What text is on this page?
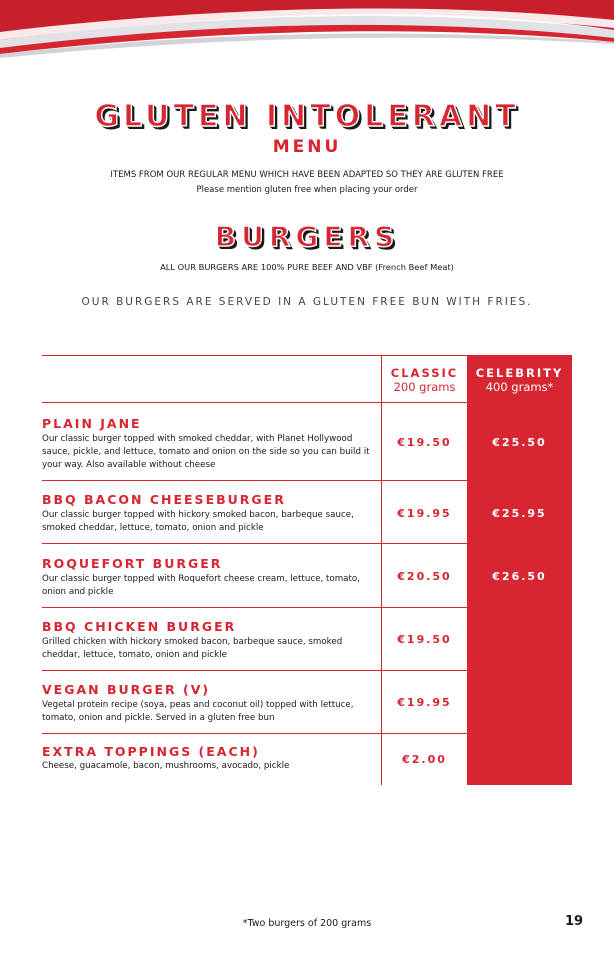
GLUTEN INTOLERANT
MENU
ITEMS FROM OUR REGULAR MENU WHICH HAVE BEEN ADAPTED SO THEY ARE GLUTEN FREE
Please mention gluten free when placing your order
BURGERS
ALL OUR BURGERS ARE 100% PURE BEEF AND VBF (French Beef Meat)
OUR BURGERS ARE SERVED IN A GLUTEN FREE BUN WITH FRIES.
CLASSIC
200 grams
CELEBRITY
400 grams*
PLAIN JANE
Our classic burger topped with smoked cheddar, with Planet Hollywood sauce, pickle, and lettuce, tomato and onion on the side so you can build it your way. Also available without cheese
€19.50	€25.50
BBQ BACON CHEESEBURGER
Our classic burger topped with hickory smoked bacon, barbeque sauce, smoked cheddar, lettuce, tomato, onion and pickle
€19.95	€25.95
ROQUEFORT BURGER
Our classic burger topped with Roquefort cheese cream, lettuce, tomato, onion and pickle
€20.50	€26.50
BBQ CHICKEN BURGER
Grilled chicken with hickory smoked bacon, barbeque sauce, smoked cheddar, lettuce, tomato, onion and pickle
€19.50
VEGAN BURGER (V)
Vegetal protein recipe (soya, peas and coconut oil) topped with lettuce, tomato, onion and pickle. Served in a gluten free bun
€19.95
EXTRA TOPPINGS (EACH)
Cheese, guacamole, bacon, mushrooms, avocado, pickle	€2.00
*Two burgers of 200 grams	19
